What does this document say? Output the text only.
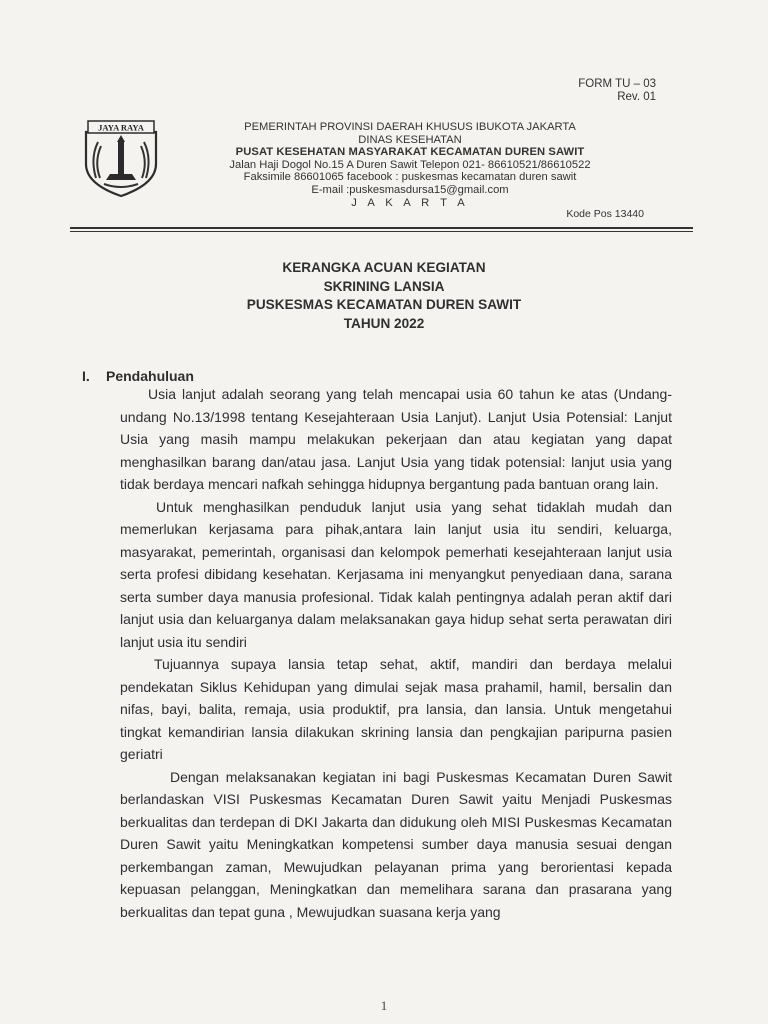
FORM TU – 03
Rev. 01
JAYA RAYA	PEMERINTAH PROVINSI DAERAH KHUSUS IBUKOTA JAKARTA
DINAS KESEHATAN
PUSAT KESEHATAN MASYARAKAT KECAMATAN DUREN SAWIT
Jalan Haji Dogol No.15 A Duren Sawit Telepon 021- 86610521/86610522
Faksimile 86601065 facebook : puskesmas kecamatan duren sawit
E-mail :puskesmasdursa15@gmail.com
J A K A R T A
Kode Pos 13440
KERANGKA ACUAN KEGIATAN
SKRINING LANSIA
PUSKESMAS KECAMATAN DUREN SAWIT
TAHUN 2022
I. Pendahuluan

Usia lanjut adalah seorang yang telah mencapai usia 60 tahun ke atas (Undang-undang No.13/1998 tentang Kesejahteraan Usia Lanjut). Lanjut Usia Potensial: Lanjut Usia yang masih mampu melakukan pekerjaan dan atau kegiatan yang dapat menghasilkan barang dan/atau jasa. Lanjut Usia yang tidak potensial: lanjut usia yang tidak berdaya mencari nafkah sehingga hidupnya bergantung pada bantuan orang lain.

Untuk menghasilkan penduduk lanjut usia yang sehat tidaklah mudah dan memerlukan kerjasama para pihak,antara lain lanjut usia itu sendiri, keluarga, masyarakat, pemerintah, organisasi dan kelompok pemerhati kesejahteraan lanjut usia serta profesi dibidang kesehatan. Kerjasama ini menyangkut penyediaan dana, sarana serta sumber daya manusia profesional. Tidak kalah pentingnya adalah peran aktif dari lanjut usia dan keluarganya dalam melaksanakan gaya hidup sehat serta perawatan diri lanjut usia itu sendiri

Tujuannya supaya lansia tetap sehat, aktif, mandiri dan berdaya melalui pendekatan Siklus Kehidupan yang dimulai sejak masa prahamil, hamil, bersalin dan nifas, bayi, balita, remaja, usia produktif, pra lansia, dan lansia. Untuk mengetahui tingkat kemandirian lansia dilakukan skrining lansia dan pengkajian paripurna pasien geriatri

Dengan melaksanakan kegiatan ini bagi Puskesmas Kecamatan Duren Sawit berlandaskan VISI Puskesmas Kecamatan Duren Sawit yaitu Menjadi Puskesmas berkualitas dan terdepan di DKI Jakarta dan didukung oleh MISI Puskesmas Kecamatan Duren Sawit yaitu Meningkatkan kompetensi sumber daya manusia sesuai dengan perkembangan zaman, Mewujudkan pelayanan prima yang berorientasi kepada kepuasan pelanggan, Meningkatkan dan memelihara sarana dan prasarana yang berkualitas dan tepat guna , Mewujudkan suasana kerja yang

1
